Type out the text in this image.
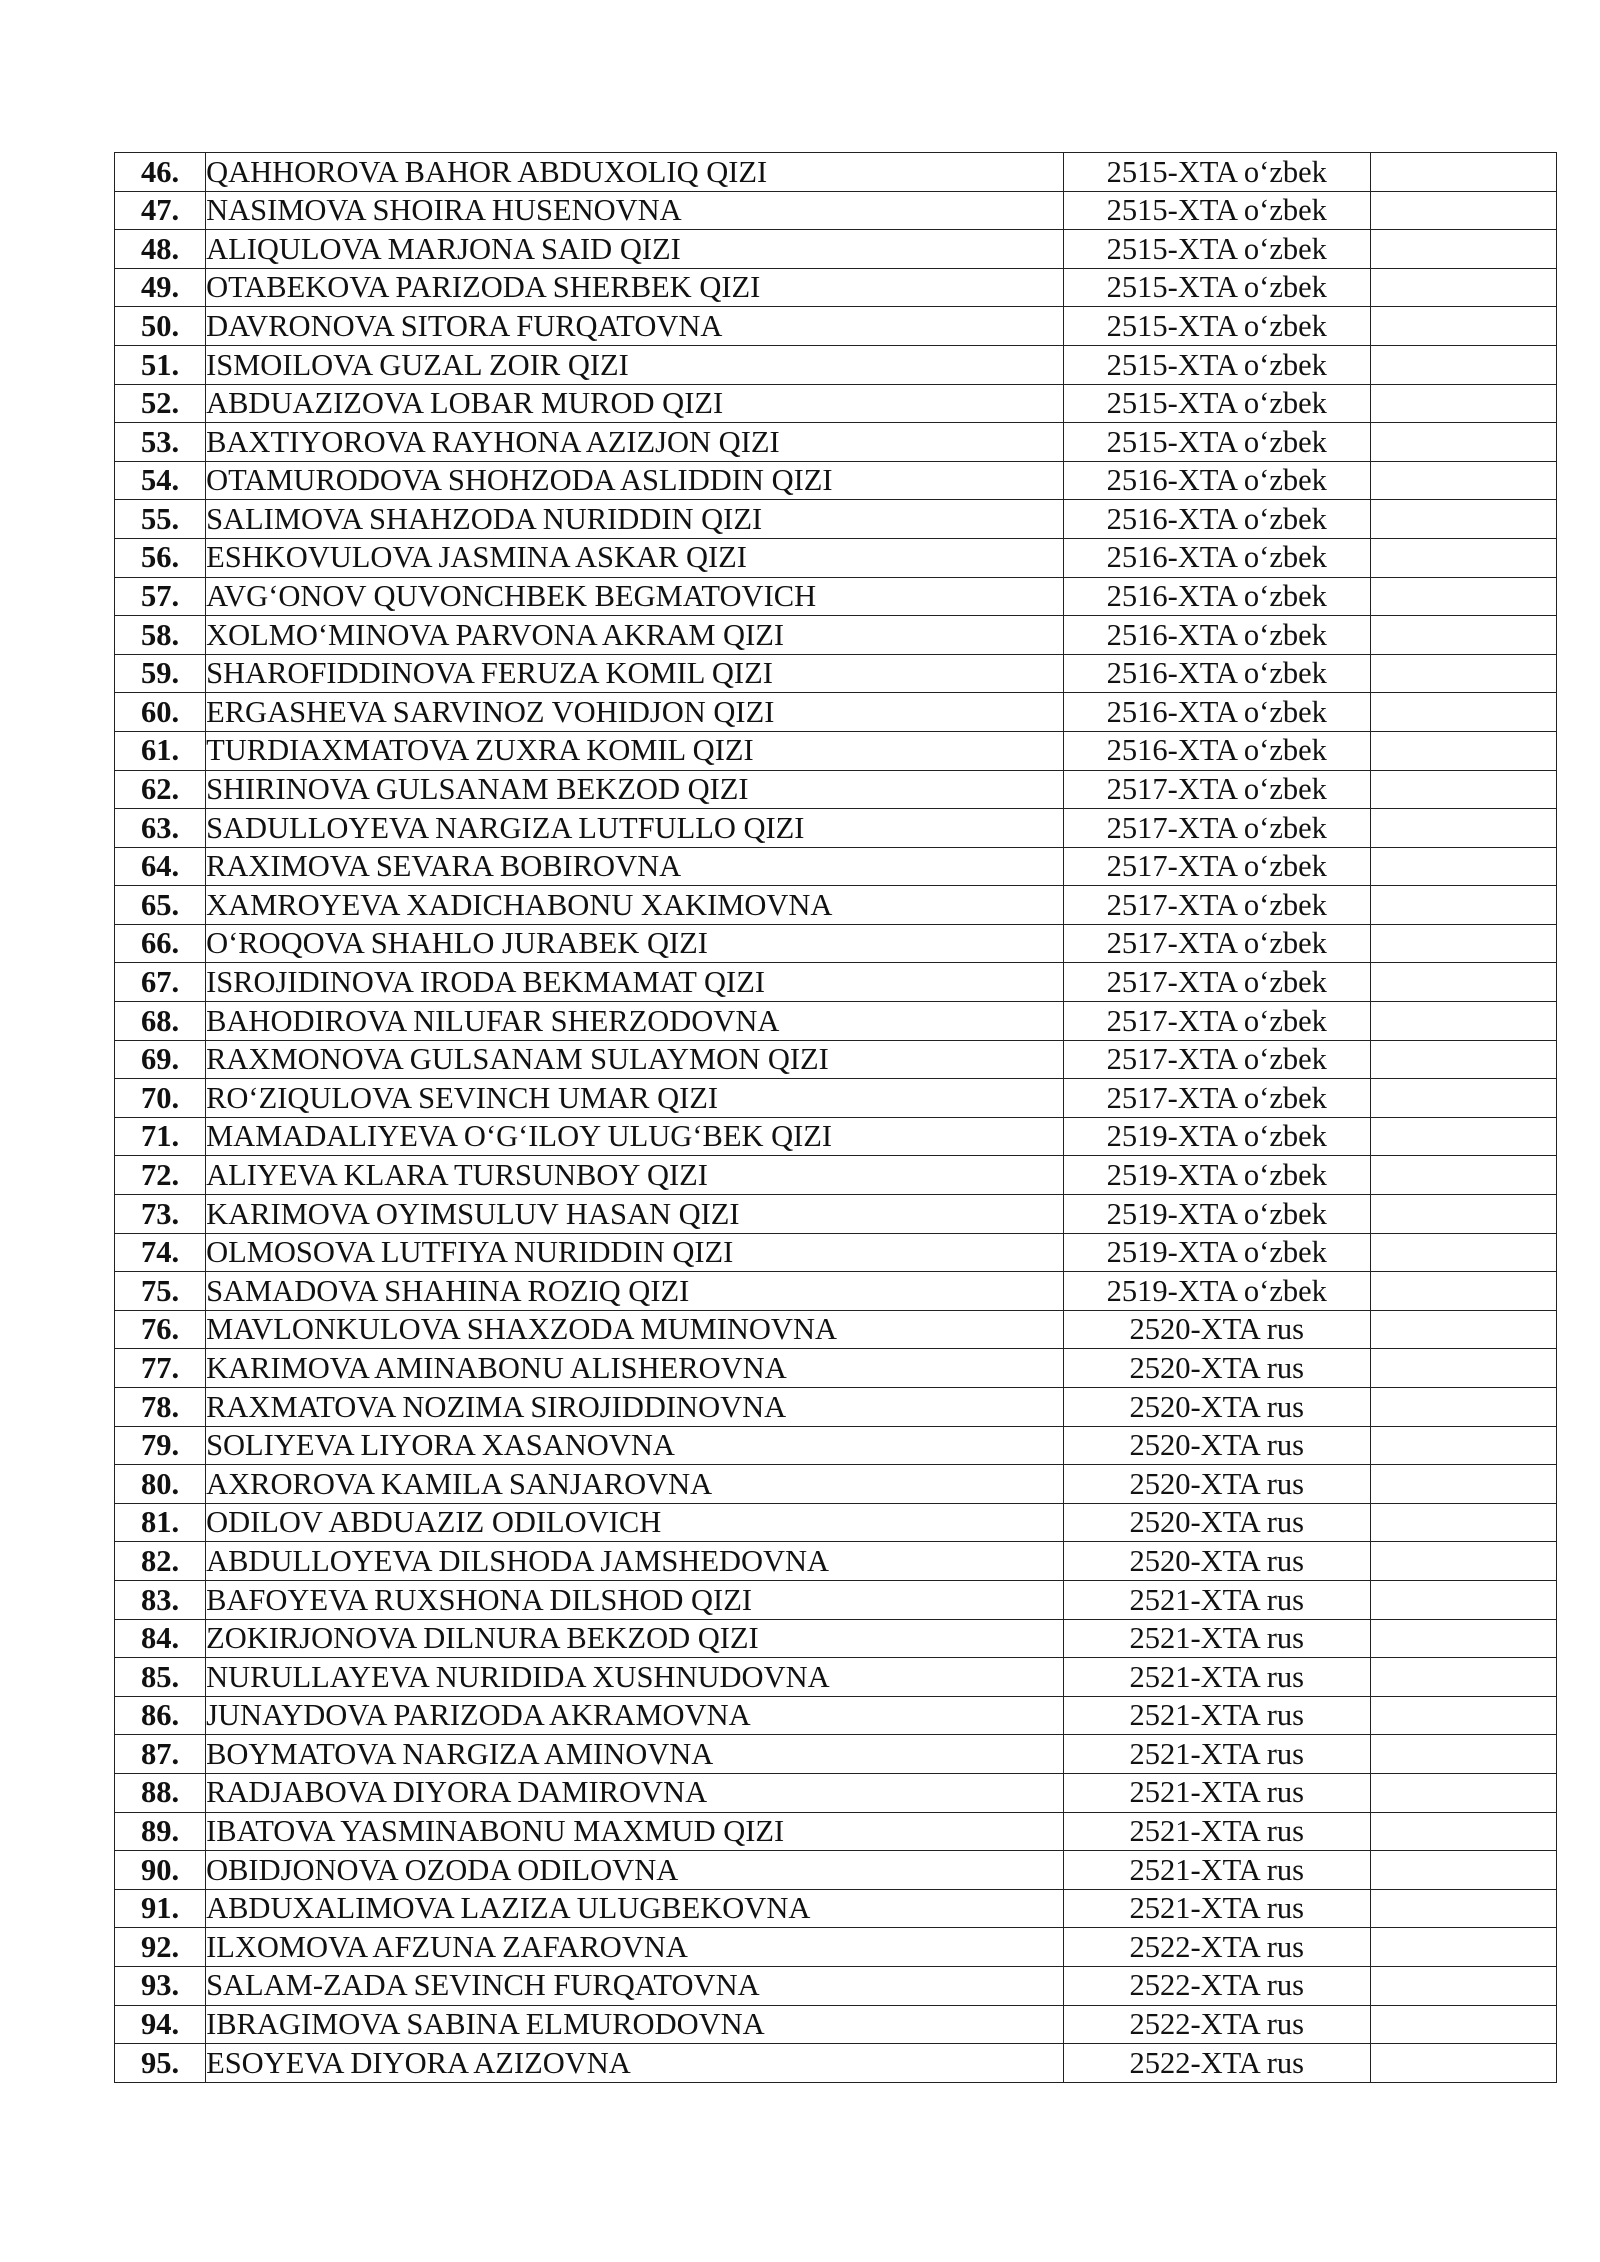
46.	QAHHOROVA BAHOR ABDUXOLIQ QIZI	2515-XTA o‘zbek	
47.	NASIMOVA SHOIRA HUSENOVNA	2515-XTA o‘zbek	
48.	ALIQULOVA MARJONA SAID QIZI	2515-XTA o‘zbek	
49.	OTABEKOVA PARIZODA SHERBEK QIZI	2515-XTA o‘zbek	
50.	DAVRONOVA SITORA FURQATOVNA	2515-XTA o‘zbek	
51.	ISMOILOVA GUZAL ZOIR QIZI	2515-XTA o‘zbek	
52.	ABDUAZIZOVA LOBAR MUROD QIZI	2515-XTA o‘zbek	
53.	BAXTIYOROVA RAYHONA AZIZJON QIZI	2515-XTA o‘zbek	
54.	OTAMURODOVA SHOHZODA ASLIDDIN QIZI	2516-XTA o‘zbek	
55.	SALIMOVA SHAHZODA NURIDDIN QIZI	2516-XTA o‘zbek	
56.	ESHKOVULOVA JASMINA ASKAR QIZI	2516-XTA o‘zbek	
57.	AVG‘ONOV QUVONCHBEK BEGMATOVICH	2516-XTA o‘zbek	
58.	XOLMO‘MINOVA PARVONA AKRAM QIZI	2516-XTA o‘zbek	
59.	SHAROFIDDINOVA FERUZA KOMIL QIZI	2516-XTA o‘zbek	
60.	ERGASHEVA SARVINOZ VOHIDJON QIZI	2516-XTA o‘zbek	
61.	TURDIAXMATOVA ZUXRA KOMIL QIZI	2516-XTA o‘zbek	
62.	SHIRINOVA GULSANAM BEKZOD QIZI	2517-XTA o‘zbek	
63.	SADULLOYEVA NARGIZA LUTFULLO QIZI	2517-XTA o‘zbek	
64.	RAXIMOVA SEVARA BOBIROVNA	2517-XTA o‘zbek	
65.	XAMROYEVA XADICHABONU XAKIMOVNA	2517-XTA o‘zbek	
66.	O‘ROQOVA SHAHLO JURABEK QIZI	2517-XTA o‘zbek	
67.	ISROJIDINOVA IRODA BEKMAMAT QIZI	2517-XTA o‘zbek	
68.	BAHODIROVA NILUFAR SHERZODOVNA	2517-XTA o‘zbek	
69.	RAXMONOVA GULSANAM SULAYMON QIZI	2517-XTA o‘zbek	
70.	RO‘ZIQULOVA SEVINCH UMAR QIZI	2517-XTA o‘zbek	
71.	MAMADALIYEVA O‘G‘ILOY ULUG‘BEK QIZI	2519-XTA o‘zbek	
72.	ALIYEVA KLARA TURSUNBOY QIZI	2519-XTA o‘zbek	
73.	KARIMOVA OYIMSULUV HASAN QIZI	2519-XTA o‘zbek	
74.	OLMOSOVA LUTFIYA NURIDDIN QIZI	2519-XTA o‘zbek	
75.	SAMADOVA SHAHINA ROZIQ QIZI	2519-XTA o‘zbek	
76.	MAVLONKULOVA SHAXZODA MUMINOVNA	2520-XTA rus	
77.	KARIMOVA AMINABONU ALISHEROVNA	2520-XTA rus	
78.	RAXMATOVA NOZIMA SIROJIDDINOVNA	2520-XTA rus	
79.	SOLIYEVA LIYORA XASANOVNA	2520-XTA rus	
80.	AXROROVA KAMILA SANJAROVNA	2520-XTA rus	
81.	ODILOV ABDUAZIZ ODILOVICH	2520-XTA rus	
82.	ABDULLOYEVA DILSHODA JAMSHEDOVNA	2520-XTA rus	
83.	BAFOYEVA RUXSHONA DILSHOD QIZI	2521-XTA rus	
84.	ZOKIRJONOVA DILNURA BEKZOD QIZI	2521-XTA rus	
85.	NURULLAYEVA NURIDIDA XUSHNUDOVNA	2521-XTA rus	
86.	JUNAYDOVA PARIZODA AKRAMOVNA	2521-XTA rus	
87.	BOYMATOVA NARGIZA AMINOVNA	2521-XTA rus	
88.	RADJABOVA DIYORA DAMIROVNA	2521-XTA rus	
89.	IBATOVA YASMINABONU MAXMUD QIZI	2521-XTA rus	
90.	OBIDJONOVA OZODA ODILOVNA	2521-XTA rus	
91.	ABDUXALIMOVA LAZIZA ULUGBEKOVNA	2521-XTA rus	
92.	ILXOMOVA AFZUNA ZAFAROVNA	2522-XTA rus	
93.	SALAM-ZADA SEVINCH FURQATOVNA	2522-XTA rus	
94.	IBRAGIMOVA SABINA ELMURODOVNA	2522-XTA rus	
95.	ESOYEVA DIYORA AZIZOVNA	2522-XTA rus	
